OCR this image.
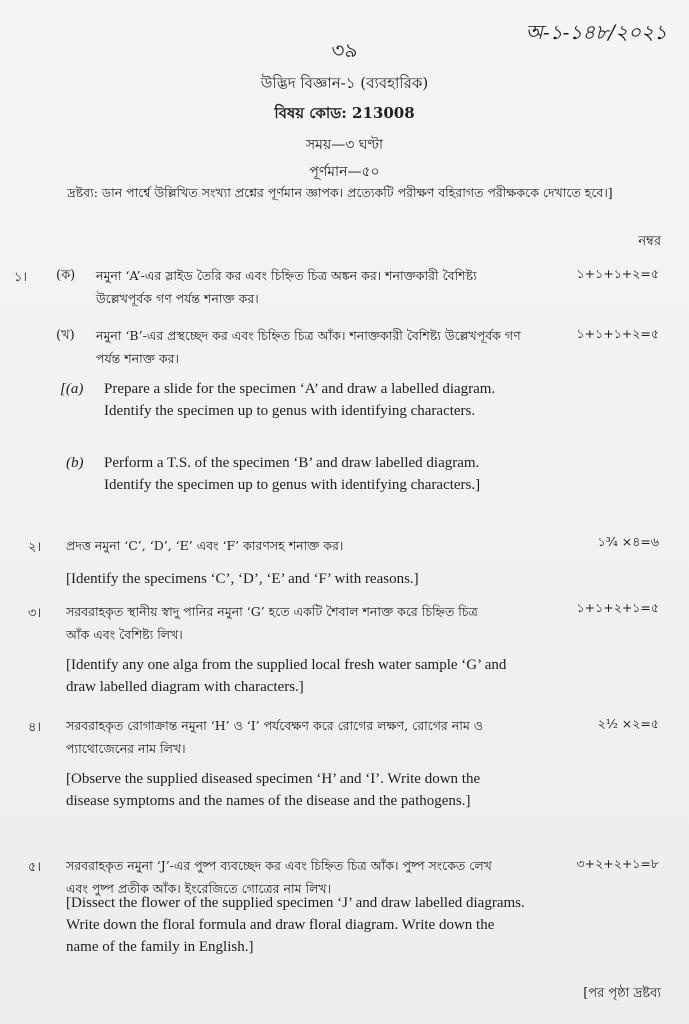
অ-১-১৪৮/২০২১
৩৯
উদ্ভিদ বিজ্ঞান-১ (ব্যবহারিক)
বিষয় কোড: 213008
সময়—৩ ঘণ্টা
পূর্ণমান—৫০
দ্রষ্টব্য: ডান পার্শ্বে উল্লিখিত সংখ্যা প্রশ্নের পূর্ণমান জ্ঞাপক। প্রত্যেকটি পরীক্ষণ বহিরাগত পরীক্ষককে দেখাতে হবে।]
নম্বর
১। (ক) নমুনা ‘A’-এর স্লাইড তৈরি কর এবং চিহ্নিত চিত্র অঙ্কন কর। শনাক্তকারী বৈশিষ্ট্য উল্লেখপূর্বক গণ পর্যন্ত শনাক্ত কর।
১+১+১+২=৫
(খ) নমুনা ‘B’-এর প্রস্থচ্ছেদ কর এবং চিহ্নিত চিত্র আঁক। শনাক্তকারী বৈশিষ্ট্য উল্লেখপূর্বক গণ পর্যন্ত শনাক্ত কর।
১+১+১+২=৫
[(a) Prepare a slide for the specimen ‘A’ and draw a labelled diagram. Identify the specimen up to genus with identifying characters.
(b) Perform a T.S. of the specimen ‘B’ and draw labelled diagram. Identify the specimen up to genus with identifying characters.]
২। প্রদত্ত নমুনা ‘C’, ‘D’, ‘E’ এবং ‘F’ কারণসহ শনাক্ত কর।	১¾ ×৪=৬
[Identify the specimens ‘C’, ‘D’, ‘E’ and ‘F’ with reasons.]
৩। সরবরাহকৃত স্থানীয় স্বাদু পানির নমুনা ‘G’ হতে একটি শৈবাল শনাক্ত করে চিহ্নিত চিত্র আঁক এবং বৈশিষ্ট্য লিখ।
১+১+২+১=৫
[Identify any one alga from the supplied local fresh water sample ‘G’ and draw labelled diagram with characters.]
৪। সরবরাহকৃত রোগাক্রান্ত নমুনা ‘H’ ও ‘I’ পর্যবেক্ষণ করে রোগের লক্ষণ, রোগের নাম ও প্যাথোজেনের নাম লিখ।
২½ ×২=৫
[Observe the supplied diseased specimen ‘H’ and ‘I’. Write down the disease symptoms and the names of the disease and the pathogens.]
৫। সরবরাহকৃত নমুনা ‘J’-এর পুষ্প ব্যবচ্ছেদ কর এবং চিহ্নিত চিত্র আঁক। পুষ্প সংকেত লেখ এবং পুষ্প প্রতীক আঁক। ইংরেজিতে গোত্রের নাম লিখ।
৩+২+২+১=৮
[Dissect the flower of the supplied specimen ‘J’ and draw labelled diagrams. Write down the floral formula and draw floral diagram. Write down the name of the family in English.]
[পর পৃষ্ঠা দ্রষ্টব্য
